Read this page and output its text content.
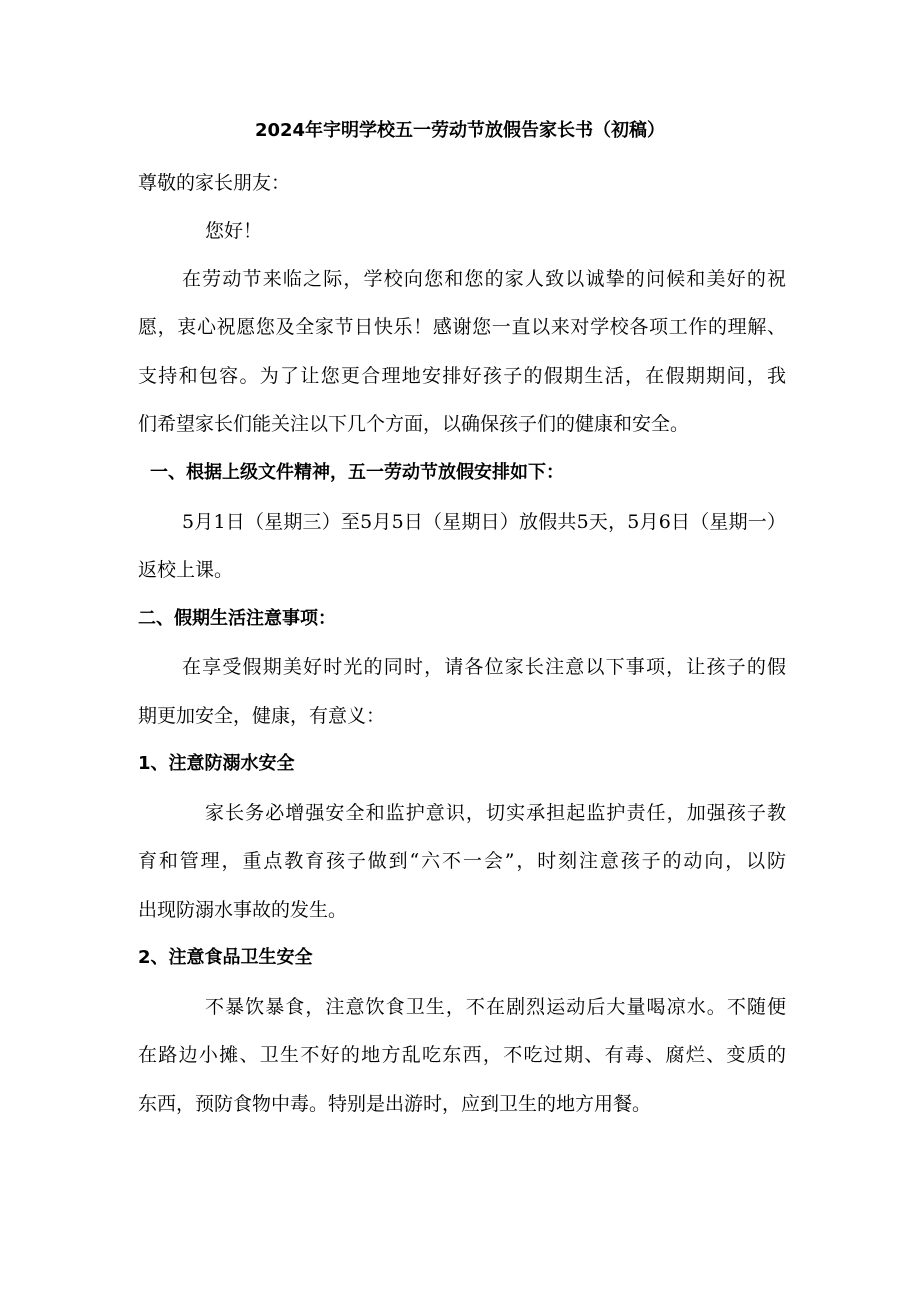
2024年宇明学校五一劳动节放假告家长书（初稿）
尊敬的家长朋友：
您好！
在劳动节来临之际，学校向您和您的家人致以诚挚的问候和美好的祝
愿，衷心祝愿您及全家节日快乐！感谢您一直以来对学校各项工作的理解、
支持和包容。为了让您更合理地安排好孩子的假期生活，在假期期间，我
们希望家长们能关注以下几个方面，以确保孩子们的健康和安全。
一、根据上级文件精神，五一劳动节放假安排如下：
5月1日（星期三）至5月5日（星期日）放假共5天，5月6日（星期一）
返校上课。
二、假期生活注意事项：
在享受假期美好时光的同时，请各位家长注意以下事项，让孩子的假
期更加安全，健康，有意义：
1、注意防溺水安全
家长务必增强安全和监护意识，切实承担起监护责任，加强孩子教
育和管理，重点教育孩子做到“六不一会”，时刻注意孩子的动向，以防
出现防溺水事故的发生。
2、注意食品卫生安全
不暴饮暴食，注意饮食卫生，不在剧烈运动后大量喝凉水。不随便
在路边小摊、卫生不好的地方乱吃东西，不吃过期、有毒、腐烂、变质的
东西，预防食物中毒。特别是出游时，应到卫生的地方用餐。
